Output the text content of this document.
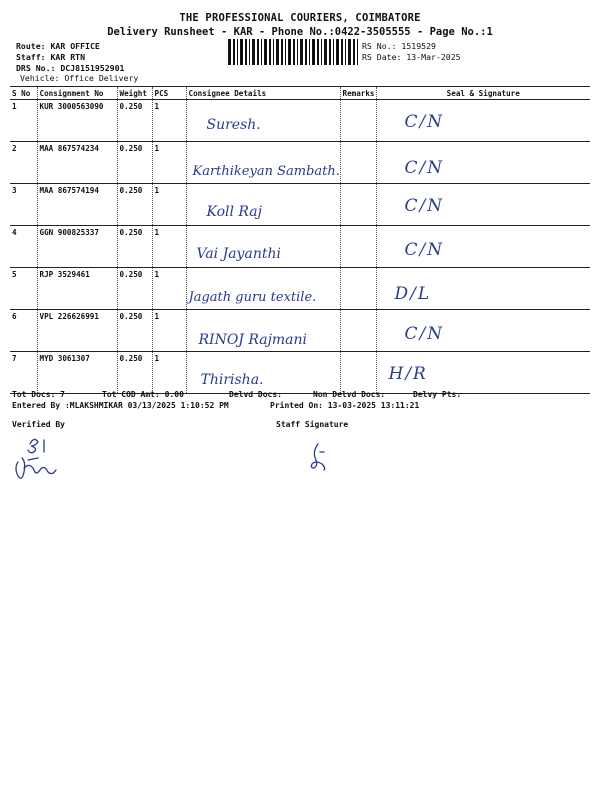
THE PROFESSIONAL COURIERS, COIMBATORE
Delivery Runsheet - KAR - Phone No.:0422-3505555 - Page No.:1
Route: KAR OFFICE
Staff: KAR RTN
DRS No.: DCJ8151952901
Vehicle: Office Delivery
RS No.: 1519529
RS Date: 13-Mar-2025
S No	Consignment No	Weight	PCS	Consignee Details	Remarks	Seal & Signature
1	KUR 3000563090	0.250	1	Suresh.		C/N

2	MAA 867574234	0.250	1	Karthikeyan Sambath.		C/N

3	MAA 867574194	0.250	1	Koll Raj		C/N

4	GGN 900825337	0.250	1	Vai Jayanthi		C/N

5	RJP 3529461	0.250	1	Jagath guru textile.		D/L

6	VPL 226626991	0.250	1	RINOJ Rajmani		C/N

7	MYD 3061307	0.250	1	Thirisha.		H/R
Tot Docs: 7	Tot COD Amt: 0.00	Delvd Docs:	Non Delvd Docs:	Delvy Pts:
Entered By :MLAKSHMIKAR 03/13/2025 1:10:52 PM	Printed On: 13-03-2025 13:11:21
Verified By	Staff Signature
